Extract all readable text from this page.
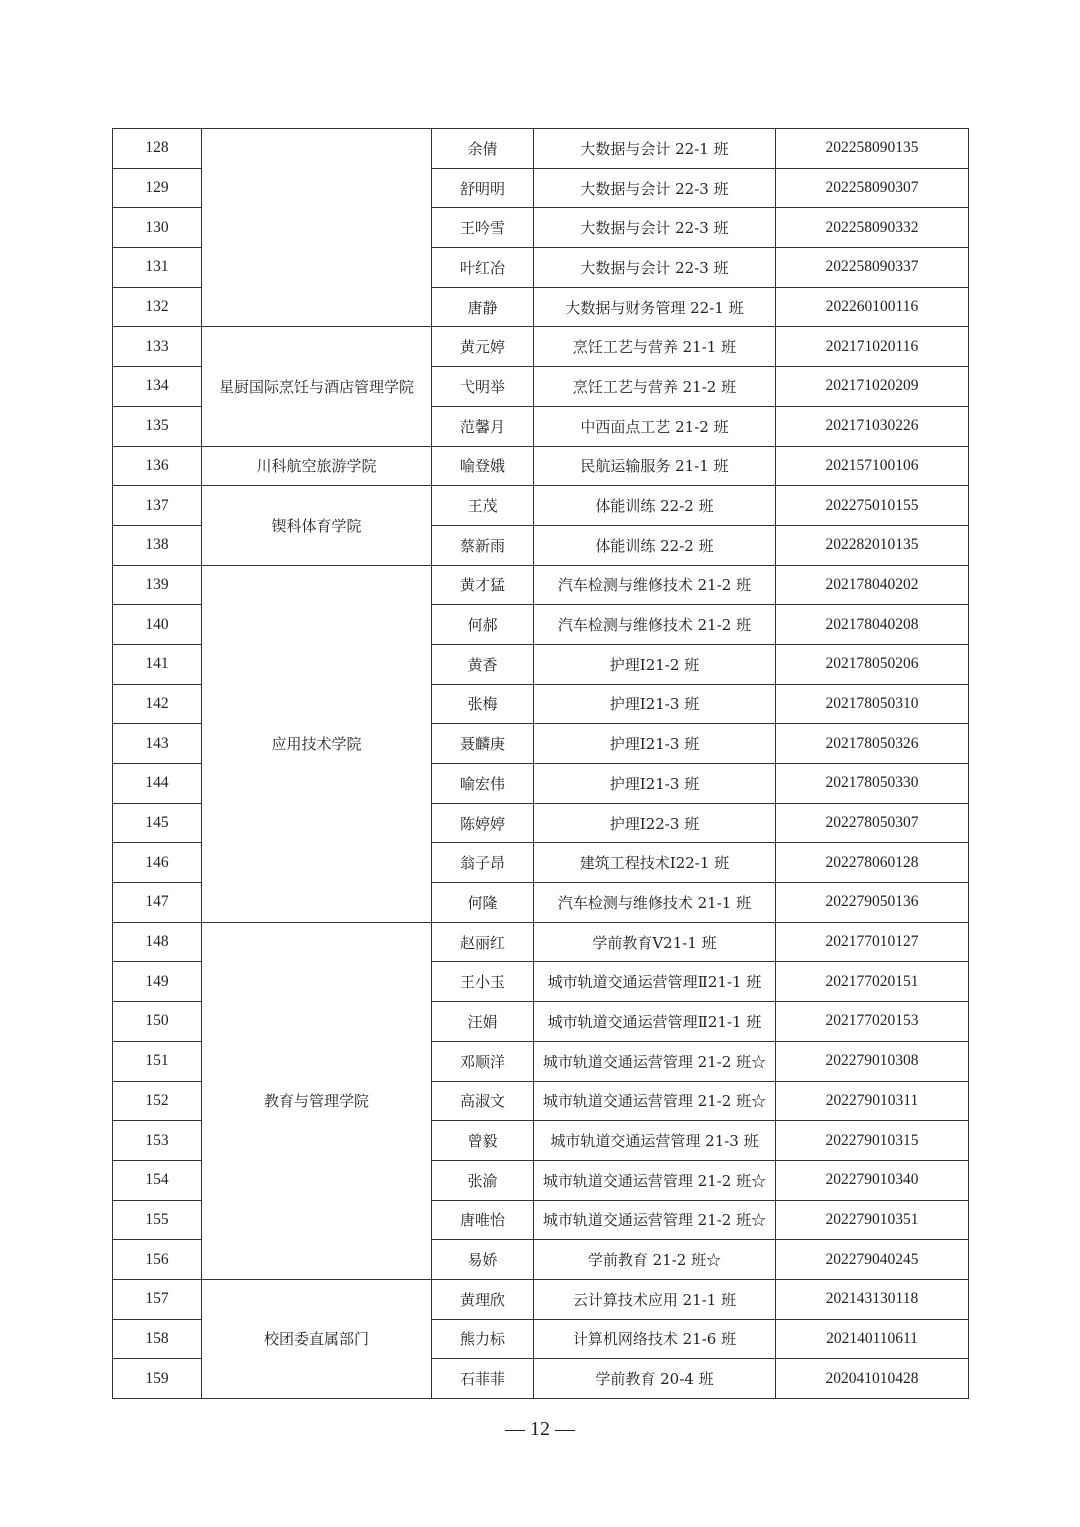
128		余倩	大数据与会计 22-1 班	202258090135
129		舒明明	大数据与会计 22-3 班	202258090307
130		王吟雪	大数据与会计 22-3 班	202258090332
131		叶红冶	大数据与会计 22-3 班	202258090337
132		唐静	大数据与财务管理 22-1 班	202260100116
133	星厨国际烹饪与酒店管理学院	黄元婷	烹饪工艺与营养 21-1 班	202171020116
134		弋明举	烹饪工艺与营养 21-2 班	202171020209
135		范馨月	中西面点工艺 21-2 班	202171030226
136	川科航空旅游学院	喻登娥	民航运输服务 21-1 班	202157100106
137	锲科体育学院	王茂	体能训练 22-2 班	202275010155
138		蔡新雨	体能训练 22-2 班	202282010135
139	应用技术学院	黄才猛	汽车检测与维修技术 21-2 班	202178040202
140		何郝	汽车检测与维修技术 21-2 班	202178040208
141		黄香	护理Ⅰ21-2 班	202178050206
142		张梅	护理Ⅰ21-3 班	202178050310
143		聂麟庚	护理Ⅰ21-3 班	202178050326
144		喻宏伟	护理Ⅰ21-3 班	202178050330
145		陈婷婷	护理Ⅰ22-3 班	202278050307
146		翁子昂	建筑工程技术Ⅰ22-1 班	202278060128
147		何隆	汽车检测与维修技术 21-1 班	202279050136
148	教育与管理学院	赵丽红	学前教育Ⅴ21-1 班	202177010127
149		王小玉	城市轨道交通运营管理Ⅱ21-1 班	202177020151
150		汪娟	城市轨道交通运营管理Ⅱ21-1 班	202177020153
151		邓顺洋	城市轨道交通运营管理 21-2 班☆	202279010308
152		高淑文	城市轨道交通运营管理 21-2 班☆	202279010311
153		曾毅	城市轨道交通运营管理 21-3 班	202279010315
154		张渝	城市轨道交通运营管理 21-2 班☆	202279010340
155		唐唯怡	城市轨道交通运营管理 21-2 班☆	202279010351
156		易娇	学前教育 21-2 班☆	202279040245
157	校团委直属部门	黄理欣	云计算技术应用 21-1 班	202143130118
158		熊力标	计算机网络技术 21-6 班	202140110611
159		石菲菲	学前教育 20-4 班	202041010428
— 12 —
